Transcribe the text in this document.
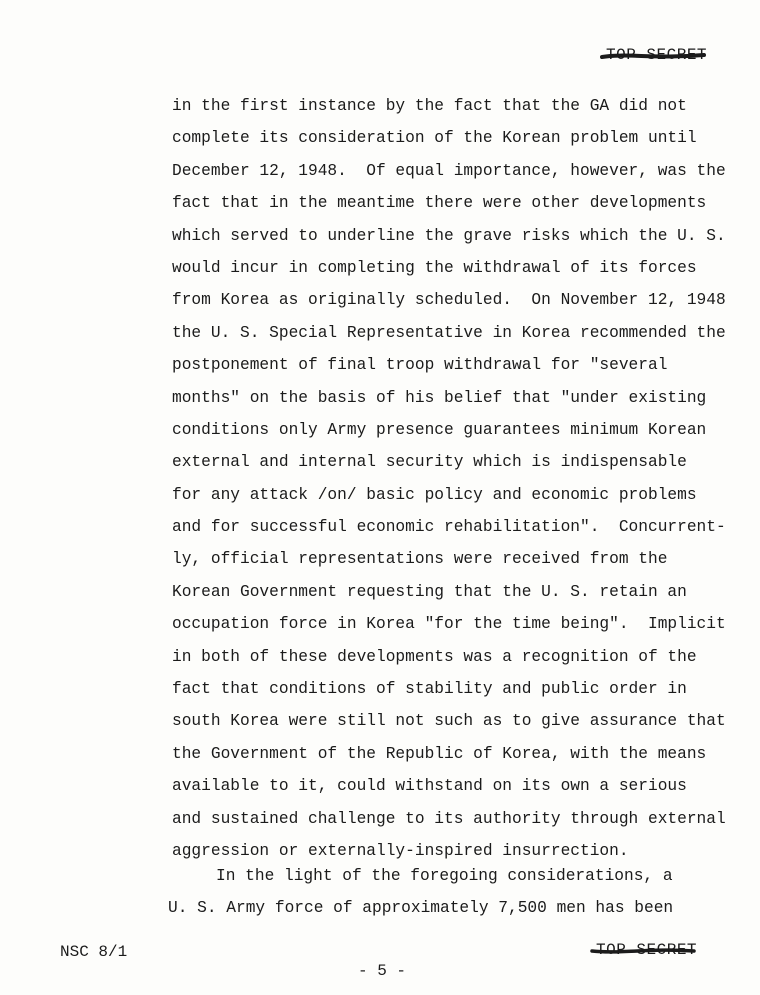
TOP SECRET
in the first instance by the fact that the GA did not
complete its consideration of the Korean problem until
December 12, 1948.  Of equal importance, however, was the
fact that in the meantime there were other developments
which served to underline the grave risks which the U. S.
would incur in completing the withdrawal of its forces
from Korea as originally scheduled.  On November 12, 1948
the U. S. Special Representative in Korea recommended the
postponement of final troop withdrawal for "several
months" on the basis of his belief that "under existing
conditions only Army presence guarantees minimum Korean
external and internal security which is indispensable
for any attack /on/ basic policy and economic problems
and for successful economic rehabilitation".  Concurrent-
ly, official representations were received from the
Korean Government requesting that the U. S. retain an
occupation force in Korea "for the time being".  Implicit
in both of these developments was a recognition of the
fact that conditions of stability and public order in
south Korea were still not such as to give assurance that
the Government of the Republic of Korea, with the means
available to it, could withstand on its own a serious
and sustained challenge to its authority through external
aggression or externally-inspired insurrection.
In the light of the foregoing considerations, a
U. S. Army force of approximately 7,500 men has been
NSC 8/1
- 5 -
TOP SECRET
